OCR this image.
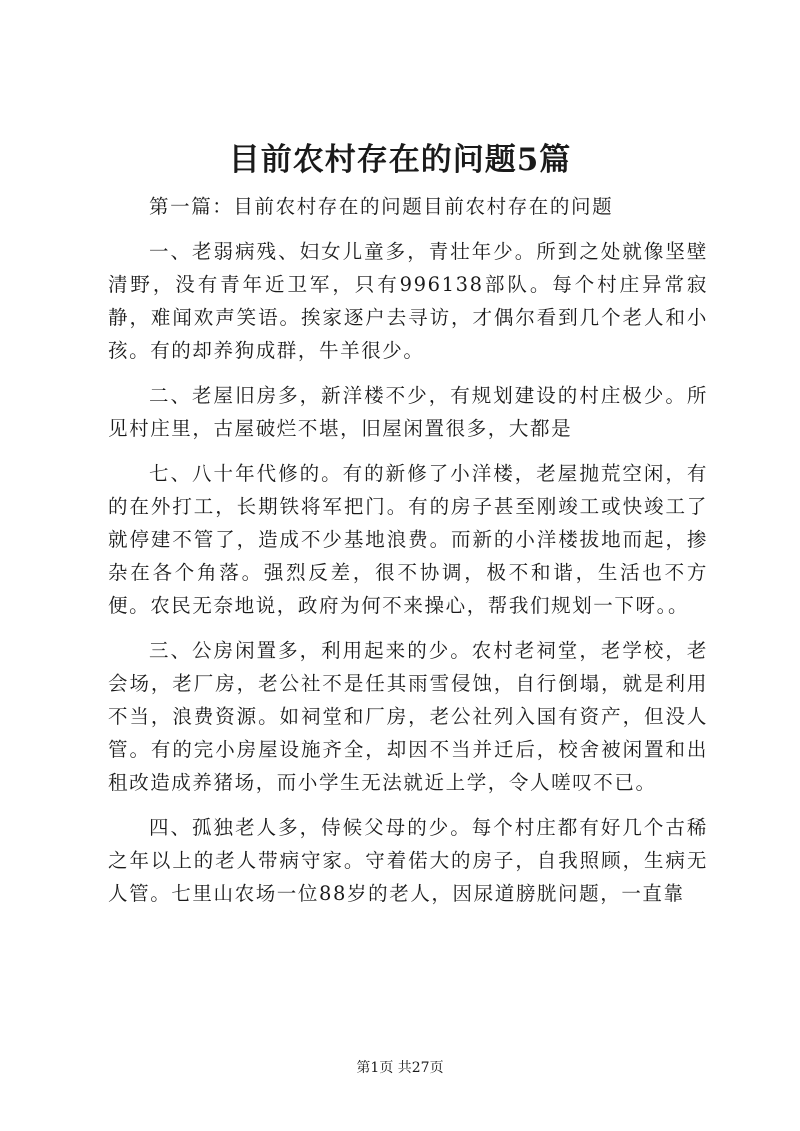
目前农村存在的问题5篇

第一篇：目前农村存在的问题目前农村存在的问题

一、老弱病残、妇女儿童多，青壮年少。所到之处就像坚壁清野，没有青年近卫军，只有996138部队。每个村庄异常寂静，难闻欢声笑语。挨家逐户去寻访，才偶尔看到几个老人和小孩。有的却养狗成群，牛羊很少。

二、老屋旧房多，新洋楼不少，有规划建设的村庄极少。所见村庄里，古屋破烂不堪，旧屋闲置很多，大都是

七、八十年代修的。有的新修了小洋楼，老屋抛荒空闲，有的在外打工，长期铁将军把门。有的房子甚至刚竣工或快竣工了就停建不管了，造成不少基地浪费。而新的小洋楼拔地而起，掺杂在各个角落。强烈反差，很不协调，极不和谐，生活也不方便。农民无奈地说，政府为何不来操心，帮我们规划一下呀。。

三、公房闲置多，利用起来的少。农村老祠堂，老学校，老会场，老厂房，老公社不是任其雨雪侵蚀，自行倒塌，就是利用不当，浪费资源。如祠堂和厂房，老公社列入国有资产，但没人管。有的完小房屋设施齐全，却因不当并迁后，校舍被闲置和出租改造成养猪场，而小学生无法就近上学，令人嗟叹不已。

四、孤独老人多，侍候父母的少。每个村庄都有好几个古稀之年以上的老人带病守家。守着偌大的房子，自我照顾，生病无人管。七里山农场一位88岁的老人，因尿道膀胱问题，一直靠

第1页 共27页
